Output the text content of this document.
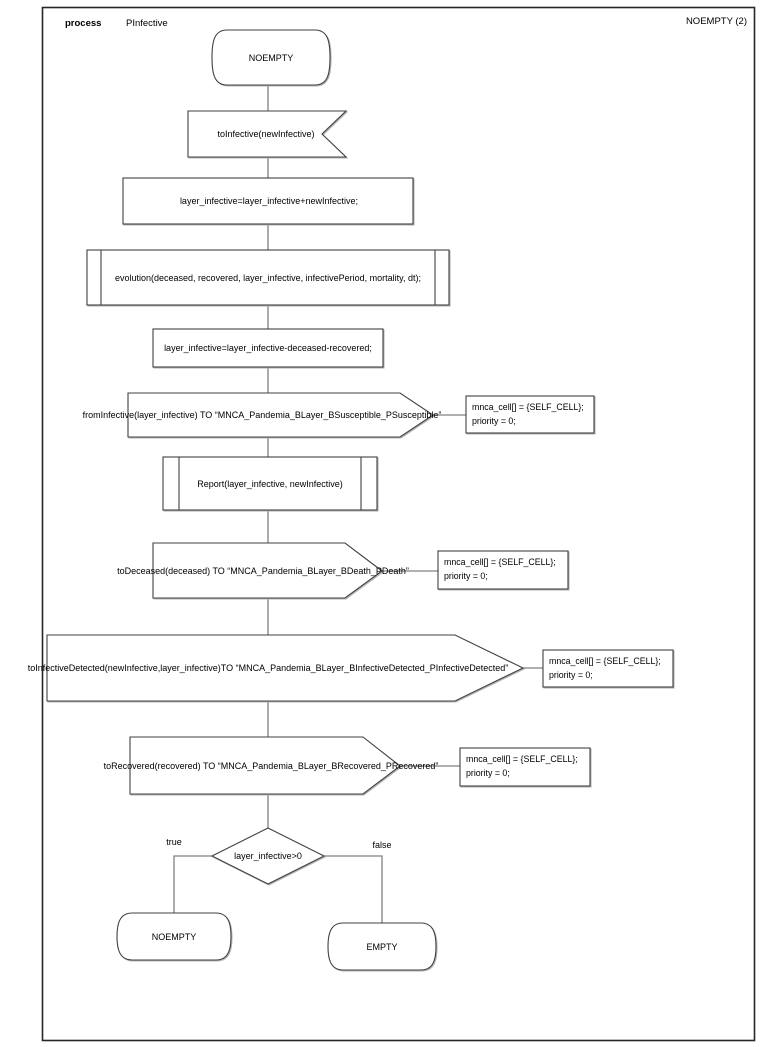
process	PInfective	NOEMPTY (2)
NOEMPTY
toInfective(newInfective)
layer_infective=layer_infective+newInfective;
evolution(deceased, recovered, layer_infective, infectivePeriod, mortality, dt);
layer_infective=layer_infective-deceased-recovered;
fromInfective(layer_infective) TO “MNCA_Pandemia_BLayer_BSusceptible_PSusceptible”
mnca_cell[] = {SELF_CELL};
priority = 0;
Report(layer_infective, newInfective)
toDeceased(deceased) TO “MNCA_Pandemia_BLayer_BDeath_PDeath”
mnca_cell[] = {SELF_CELL};
priority = 0;
toInfectiveDetected(newInfective,layer_infective)TO “MNCA_Pandemia_BLayer_BInfectiveDetected_PInfectiveDetected”
mnca_cell[] = {SELF_CELL};
priority = 0;
toRecovered(recovered) TO “MNCA_Pandemia_BLayer_BRecovered_PRecovered”
mnca_cell[] = {SELF_CELL};
priority = 0;
layer_infective>0
true	false
NOEMPTY
EMPTY
